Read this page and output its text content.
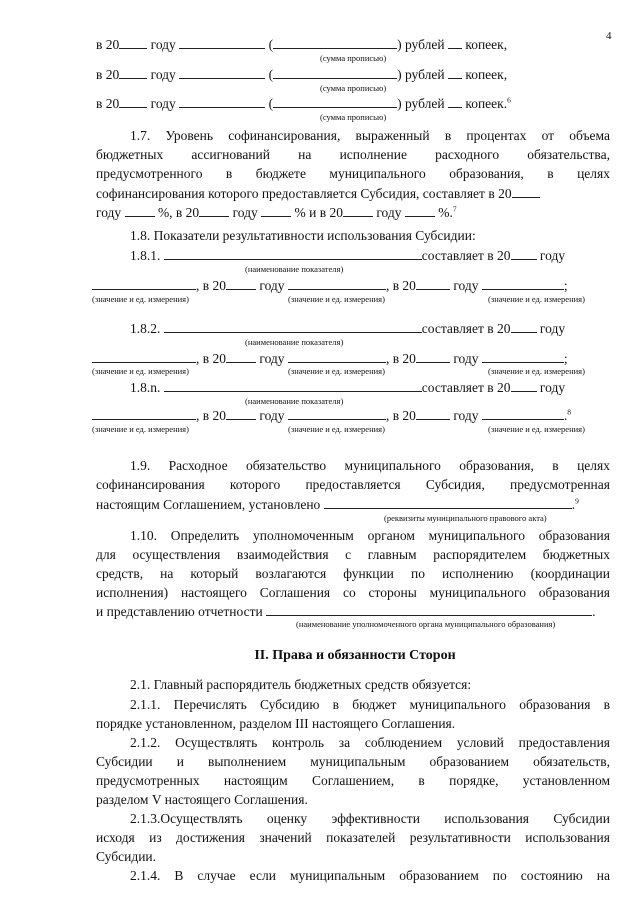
4
в 20 году	(	) рублей копеек,
(сумма прописью)
в 20 году	(	) рублей копеек,
(сумма прописью)
в 20 году	(	) рублей копеек.$^6$
(сумма прописью)
1.7. Уровень софинансирования, выраженный в процентах от объема
бюджетных ассигнований на исполнение расходного обязательства,
предусмотренного в бюджете муниципального образования, в целях
софинансирования которого предоставляется Субсидия, составляет в 20
году	%, в 20 году	% и в 20 году	%.$^7$
1.8. Показатели результативности использования Субсидии:
1.8.1.	составляет в 20 году
(наименование показателя)
, в 20 году	, в 20	году	;
(значение и ед. измерения)	(значение и ед. измерения)	(значение и ед. измерения)
1.8.2.	составляет в 20 году
(наименование показателя)
, в 20 году	, в 20	году	;
(значение и ед. измерения)	(значение и ед. измерения)	(значение и ед. измерения)
1.8.n.	составляет в 20 году
(наименование показателя)
, в 20 году	, в 20	году	.$^8$
(значение и ед. измерения)	(значение и ед. измерения)	(значение и ед. измерения)
1.9. Расходное обязательство муниципального образования, в целях
софинансирования которого предоставляется Субсидия, предусмотренная
настоящим Соглашением, установлено	.$^9$
(реквизиты муниципального правового акта)
1.10. Определить уполномоченным органом муниципального образования
для осуществления взаимодействия с главным распорядителем бюджетных
средств, на который возлагаются функции по исполнению (координации
исполнения) настоящего Соглашения со стороны муниципального образования
и представлению отчетности	.
(наименование уполномоченного органа муниципального образования)
II. Права и обязанности Сторон
2.1. Главный распорядитель бюджетных средств обязуется:
2.1.1. Перечислять Субсидию в бюджет муниципального образования в
порядке установленном, разделом III настоящего Соглашения.
2.1.2. Осуществлять контроль за соблюдением условий предоставления
Субсидии и выполнением муниципальным образованием обязательств,
предусмотренных настоящим Соглашением, в порядке, установленном
разделом V настоящего Соглашения.
2.1.3.Осуществлять оценку эффективности использования Субсидии
исходя из достижения значений показателей результативности использования
Субсидии.
2.1.4. В случае если муниципальным образованием по состоянию на
